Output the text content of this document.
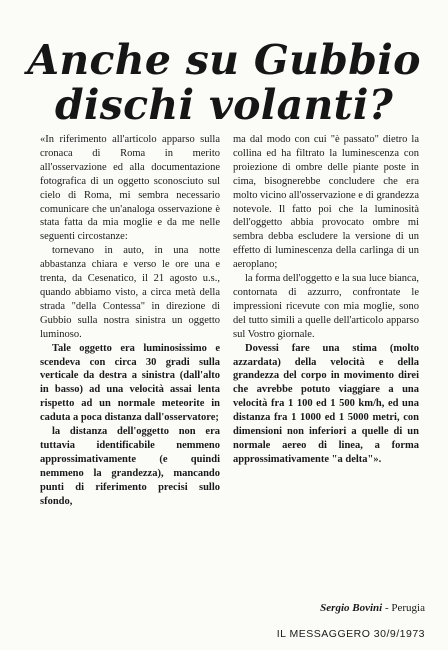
Anche su Gubbio
dischi volanti?

«In riferimento all'articolo apparso sulla cronaca di Roma in merito all'osservazione ed alla documentazione fotografica di un oggetto sconosciuto sul cielo di Roma, mi sembra necessario comunicare che un'analoga osservazione è stata fatta da mia moglie e da me nelle seguenti circostanze:

tornevano in auto, in una notte abbastanza chiara e verso le ore una e trenta, da Cesenatico, il 21 agosto u.s., quando abbiamo visto, a circa metà della strada "della Contessa" in direzione di Gubbio sulla nostra sinistra un oggetto luminoso.

Tale oggetto era luminosissimo e scendeva con circa 30 gradi sulla verticale da destra a sinistra (dall'alto in basso) ad una velocità assai lenta rispetto ad un normale meteorite in caduta a poca distanza dall'osservatore;

la distanza dell'oggetto non era tuttavia identificabile nemmeno approssimativamente (e quindi nemmeno la grandezza), mancando punti di riferimento precisi sullo sfondo,

ma dal modo con cui "è passato" dietro la collina ed ha filtrato la luminescenza con proiezione di ombre delle piante poste in cima, bisognerebbe concludere che era molto vicino all'osservazione e di grandezza notevole. Il fatto poi che la luminosità dell'oggetto abbia provocato ombre mi sembra debba escludere la versione di un effetto di luminescenza della carlinga di un aeroplano;

la forma dell'oggetto e la sua luce bianca, contornata di azzurro, confrontate le impressioni ricevute con mia moglie, sono del tutto simili a quelle dell'articolo apparso sul Vostro giornale.

Dovessi fare una stima (molto azzardata) della velocità e della grandezza del corpo in movimento direi che avrebbe potuto viaggiare a una velocità fra 1 100 ed 1 500 km/h, ed una distanza fra 1 1000 ed 1 5000 metri, con dimensioni non inferiori a quelle di un normale aereo di linea, a forma approssimativamente "a delta"».

Sergio Bovini - Perugia
IL MESSAGGERO 30/9/1973
